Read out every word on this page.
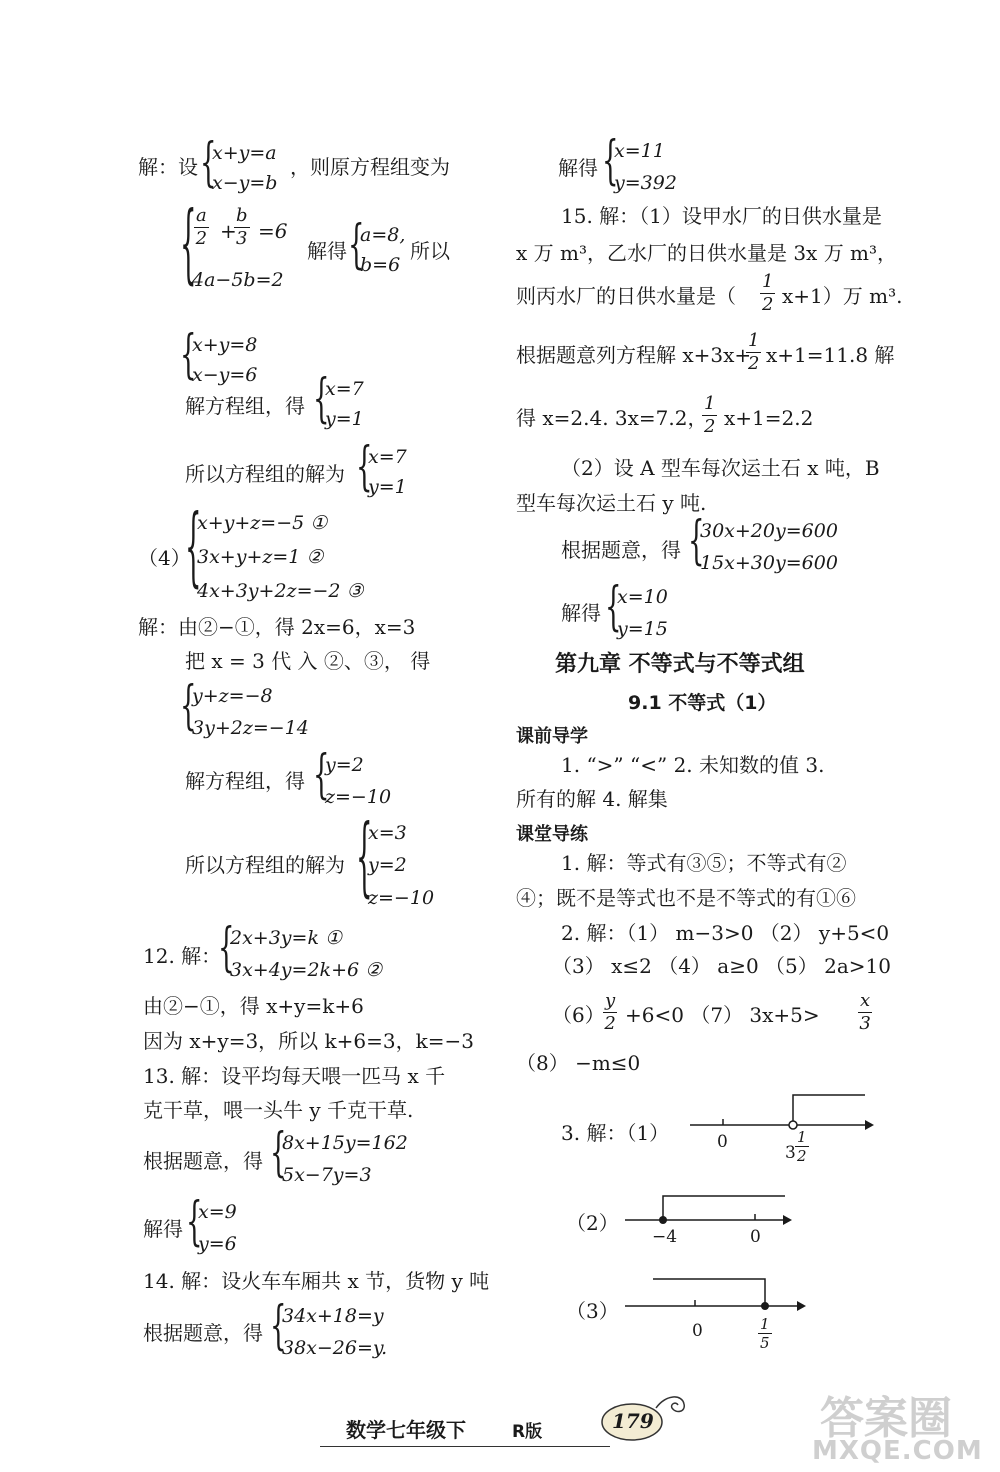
解：设 {
x+y=a
x−y=b
，则原方程组变为
{
$\frac{a}{2}$ +
$\frac{b}{3} =6$
4a−5b=2
解得 {
a=8,
b=6
所以
{
x+y=8
x−y=6
解方程组，得 {
x=7
y=1
所以方程组的解为 {
x=7
y=1
（4）
{
x+y+z=−5 ①
3x+y+z=1 ②
4x+3y+2z=−2 ③
解：由②−①，得 2x=6，x=3
把 x = 3 代 入 ②、③， 得
{
y+z=−8
3y+2z=−14
解方程组，得 {
y=2
z=−10
所以方程组的解为 {
x=3
y=2
z=−10
12. 解：
{
2x+3y=k ①
3x+4y=2k+6 ②
由②−①，得 x+y=k+6
因为 x+y=3，所以 k+6=3，k=−3
13. 解：设平均每天喂一匹马 x 千
克干草，喂一头牛 y 千克干草.
根据题意，得 {
8x+15y=162
5x−7y=3
解得 {
x=9
y=6
14. 解：设火车车厢共 x 节，货物 y 吨
根据题意，得 {
34x+18=y
38x−26=y.
解得 {
x=11
y=392
15. 解：（1）设甲水厂的日供水量是
x 万 m³，乙水厂的日供水量是 3x 万 m³，
则丙水厂的日供水量是（ $\frac{1}{2} x+1$）万 m³.
根据题意列方程解 x+3x+
$\frac{1}{2} x+1=11.8$ 解
得 x=2.4. 3x=7.2，
$\frac{1}{2} x+1=2.2$
（2）设 A 型车每次运土石 x 吨，B
型车每次运土石 y 吨.
根据题意，得 {
30x+20y=600
15x+30y=600
解得 {
x=10
y=15
第九章 不等式与不等式组
9.1 不等式（1）
课前导学
1. “>” “<” 2. 未知数的值 3.
所有的解 4. 解集
课堂导练
1. 解：等式有③⑤；不等式有②
④；既不是等式也不是不等式的有①⑥
2. 解：（1） m−3>0 （2） y+5<0
（3） x≤2 （4） a≥0 （5） 2a>10
（6）
$\frac{y}{2} +6<0$ （7） $3x+5> \frac{x}{3}$
（8） −m≤0
3. 解：（1）	0
$3 \frac{1}{2}$
（2）
−4	0
（3）
0	$\frac{1}{5}$
数学七年级下	R版	179	答案圈
MXQE.COM
